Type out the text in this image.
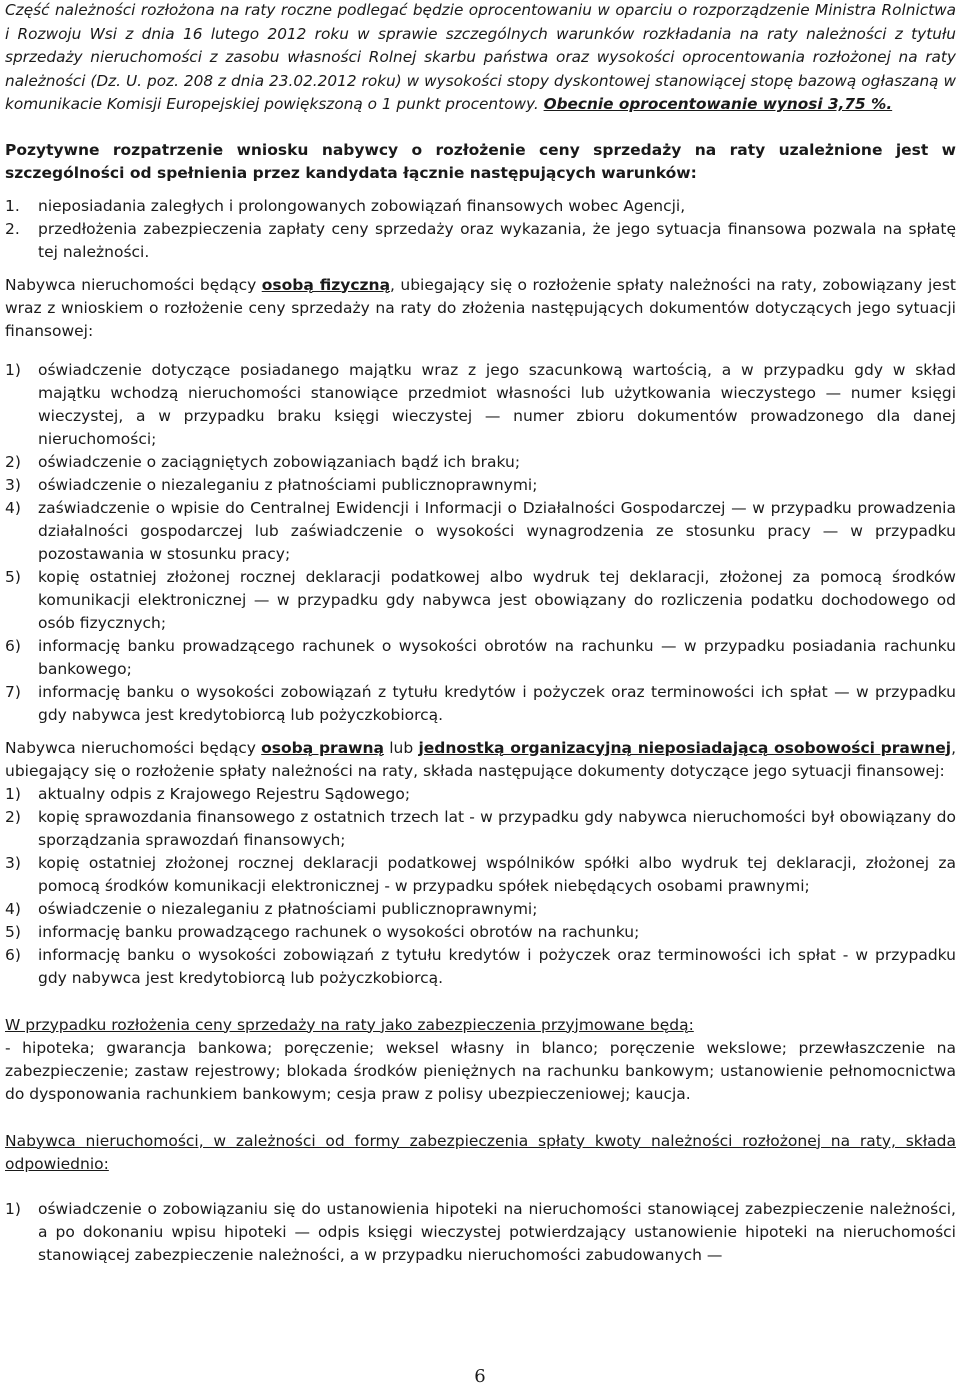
Część należności rozłożona na raty roczne podlegać będzie oprocentowaniu w oparciu o rozporządzenie Ministra Rolnictwa i Rozwoju Wsi z dnia 16 lutego 2012 roku w sprawie szczególnych warunków rozkładania na raty należności z tytułu sprzedaży nieruchomości z zasobu własności Rolnej skarbu państwa oraz wysokości oprocentowania rozłożonej na raty należności (Dz. U. poz. 208 z dnia 23.02.2012 roku) w wysokości stopy dyskontowej stanowiącej stopę bazową ogłaszaną w komunikacie Komisji Europejskiej powiększoną o 1 punkt procentowy. Obecnie oprocentowanie wynosi 3,75 %.

Pozytywne rozpatrzenie wniosku nabywcy o rozłożenie ceny sprzedaży na raty uzależnione jest w szczególności od spełnienia przez kandydata łącznie następujących warunków:

1. nieposiadania zaległych i prolongowanych zobowiązań finansowych wobec Agencji,
2. przedłożenia zabezpieczenia zapłaty ceny sprzedaży oraz wykazania, że jego sytuacja finansowa pozwala na spłatę tej należności.

Nabywca nieruchomości będący osobą fizyczną, ubiegający się o rozłożenie spłaty należności na raty, zobowiązany jest wraz z wnioskiem o rozłożenie ceny sprzedaży na raty do złożenia następujących dokumentów dotyczących jego sytuacji finansowej:

1) oświadczenie dotyczące posiadanego majątku wraz z jego szacunkową wartością, a w przypadku gdy w skład majątku wchodzą nieruchomości stanowiące przedmiot własności lub użytkowania wieczystego — numer księgi wieczystej, a w przypadku braku księgi wieczystej — numer zbioru dokumentów prowadzonego dla danej nieruchomości;
2) oświadczenie o zaciągniętych zobowiązaniach bądź ich braku;
3) oświadczenie o niezaleganiu z płatnościami publicznoprawnymi;
4) zaświadczenie o wpisie do Centralnej Ewidencji i Informacji o Działalności Gospodarczej — w przypadku prowadzenia działalności gospodarczej lub zaświadczenie o wysokości wynagrodzenia ze stosunku pracy — w przypadku pozostawania w stosunku pracy;
5) kopię ostatniej złożonej rocznej deklaracji podatkowej albo wydruk tej deklaracji, złożonej za pomocą środków komunikacji elektronicznej — w przypadku gdy nabywca jest obowiązany do rozliczenia podatku dochodowego od osób fizycznych;
6) informację banku prowadzącego rachunek o wysokości obrotów na rachunku — w przypadku posiadania rachunku bankowego;
7) informację banku o wysokości zobowiązań z tytułu kredytów i pożyczek oraz terminowości ich spłat — w przypadku gdy nabywca jest kredytobiorcą lub pożyczkobiorcą.

Nabywca nieruchomości będący osobą prawną lub jednostką organizacyjną nieposiadającą osobowości prawnej, ubiegający się o rozłożenie spłaty należności na raty, składa następujące dokumenty dotyczące jego sytuacji finansowej:

1) aktualny odpis z Krajowego Rejestru Sądowego;
2) kopię sprawozdania finansowego z ostatnich trzech lat - w przypadku gdy nabywca nieruchomości był obowiązany do sporządzania sprawozdań finansowych;
3) kopię ostatniej złożonej rocznej deklaracji podatkowej wspólników spółki albo wydruk tej deklaracji, złożonej za pomocą środków komunikacji elektronicznej - w przypadku spółek niebędących osobami prawnymi;
4) oświadczenie o niezaleganiu z płatnościami publicznoprawnymi;
5) informację banku prowadzącego rachunek o wysokości obrotów na rachunku;
6) informację banku o wysokości zobowiązań z tytułu kredytów i pożyczek oraz terminowości ich spłat - w przypadku gdy nabywca jest kredytobiorcą lub pożyczkobiorcą.

W przypadku rozłożenia ceny sprzedaży na raty jako zabezpieczenia przyjmowane będą:

- hipoteka; gwarancja bankowa; poręczenie; weksel własny in blanco; poręczenie wekslowe; przewłaszczenie na zabezpieczenie; zastaw rejestrowy; blokada środków pieniężnych na rachunku bankowym; ustanowienie pełnomocnictwa do dysponowania rachunkiem bankowym; cesja praw z polisy ubezpieczeniowej; kaucja.

Nabywca nieruchomości, w zależności od formy zabezpieczenia spłaty kwoty należności rozłożonej na raty, składa odpowiednio:

1) oświadczenie o zobowiązaniu się do ustanowienia hipoteki na nieruchomości stanowiącej zabezpieczenie należności, a po dokonaniu wpisu hipoteki — odpis księgi wieczystej potwierdzający ustanowienie hipoteki na nieruchomości stanowiącej zabezpieczenie należności, a w przypadku nieruchomości zabudowanych —
6
